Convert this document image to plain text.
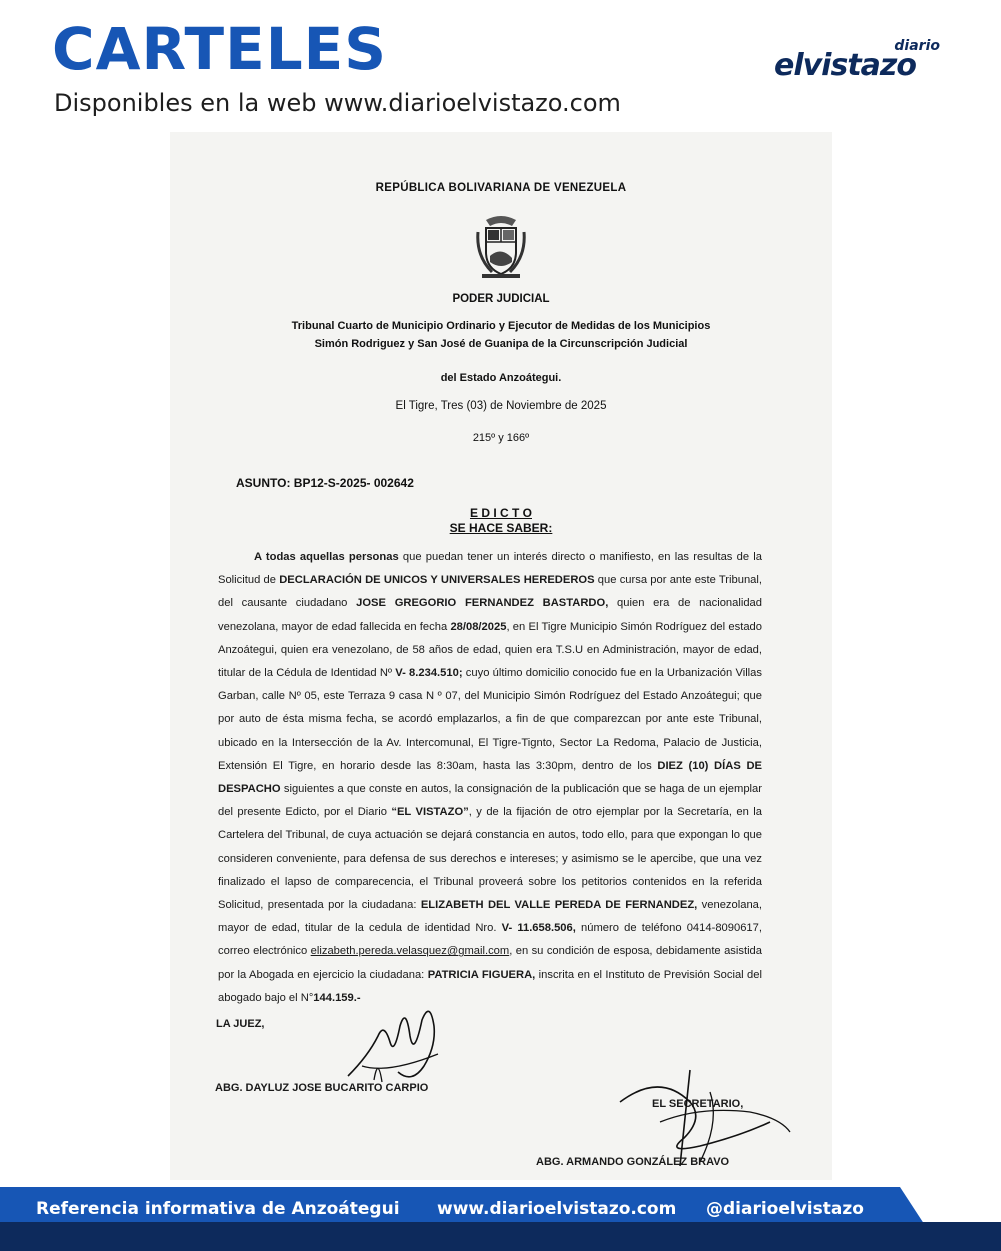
CARTELES
Disponibles en la web www.diarioelvistazo.com
diario
elvistazo
REPÚBLICA BOLIVARIANA DE VENEZUELA
PODER JUDICIAL
Tribunal Cuarto de Municipio Ordinario y Ejecutor de Medidas de los Municipios
Simón Rodriguez y San José de Guanipa de la Circunscripción Judicial
del Estado Anzoátegui.
El Tigre, Tres (03) de Noviembre de 2025
215º y 166º
ASUNTO: BP12-S-2025- 002642
E D I C T O
SE HACE SABER:
A todas aquellas personas que puedan tener un interés directo o manifiesto, en las resultas de la Solicitud de DECLARACIÓN DE UNICOS Y UNIVERSALES HEREDEROS que cursa por ante este Tribunal, del causante ciudadano JOSE GREGORIO FERNANDEZ BASTARDO, quien era de nacionalidad venezolana, mayor de edad fallecida en fecha 28/08/2025, en El Tigre Municipio Simón Rodríguez del estado Anzoátegui, quien era venezolano, de 58 años de edad, quien era T.S.U en Administración, mayor de edad, titular de la Cédula de Identidad Nº V- 8.234.510; cuyo último domicilio conocido fue en la Urbanización Villas Garban, calle Nº 05, este Terraza 9 casa N º 07, del Municipio Simón Rodríguez del Estado Anzoátegui; que por auto de ésta misma fecha, se acordó emplazarlos, a fin de que comparezcan por ante este Tribunal, ubicado en la Intersección de la Av. Intercomunal, El Tigre-Tignto, Sector La Redoma, Palacio de Justicia, Extensión El Tigre, en horario desde las 8:30am, hasta las 3:30pm, dentro de los DIEZ (10) DÍAS DE DESPACHO siguientes a que conste en autos, la consignación de la publicación que se haga de un ejemplar del presente Edicto, por el Diario “EL VISTAZO”, y de la fijación de otro ejemplar por la Secretaría, en la Cartelera del Tribunal, de cuya actuación se dejará constancia en autos, todo ello, para que expongan lo que consideren conveniente, para defensa de sus derechos e intereses; y asimismo se le apercibe, que una vez finalizado el lapso de comparecencia, el Tribunal proveerá sobre los petitorios contenidos en la referida Solicitud, presentada por la ciudadana: ELIZABETH DEL VALLE PEREDA DE FERNANDEZ, venezolana, mayor de edad, titular de la cedula de identidad Nro. V- 11.658.506, número de teléfono 0414-8090617, correo electrónico elizabeth.pereda.velasquez@gmail.com, en su condición de esposa, debidamente asistida por la Abogada en ejercicio la ciudadana: PATRICIA FIGUERA, inscrita en el Instituto de Previsión Social del abogado bajo el N°144.159.-
LA JUEZ,
ABG. DAYLUZ JOSE BUCARITO CARPIO
EL SECRETARIO,
ABG. ARMANDO GONZÁLEZ BRAVO
Referencia informativa de Anzoátegui www.diarioelvistazo.com @diarioelvistazo
